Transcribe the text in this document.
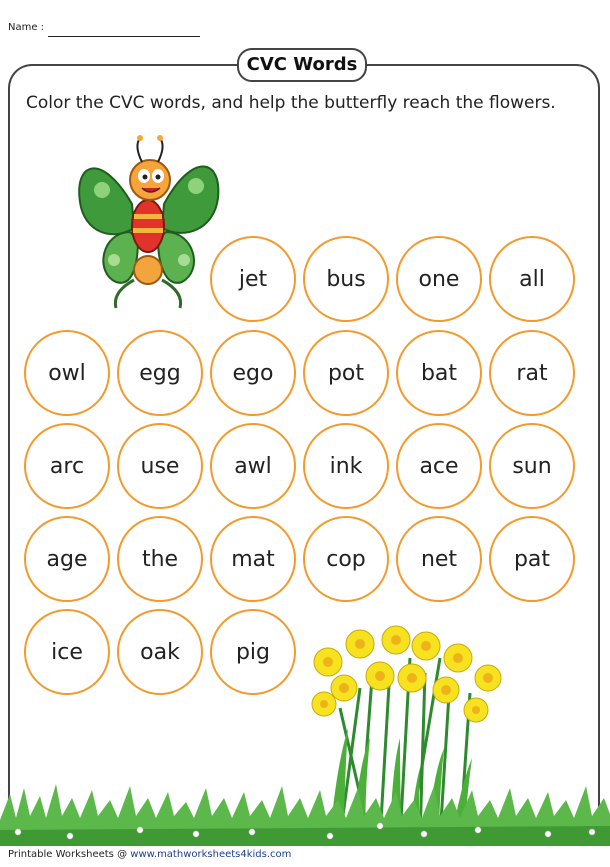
Name :
CVC Words
Color the CVC words, and help the butterfly reach the flowers.
jet	bus	one	all
owl	egg	ego	pot	bat	rat
arc	use	awl	ink	ace	sun
age	the	mat	cop	net	pat
ice	oak	pig
Printable Worksheets @ www.mathworksheets4kids.com
